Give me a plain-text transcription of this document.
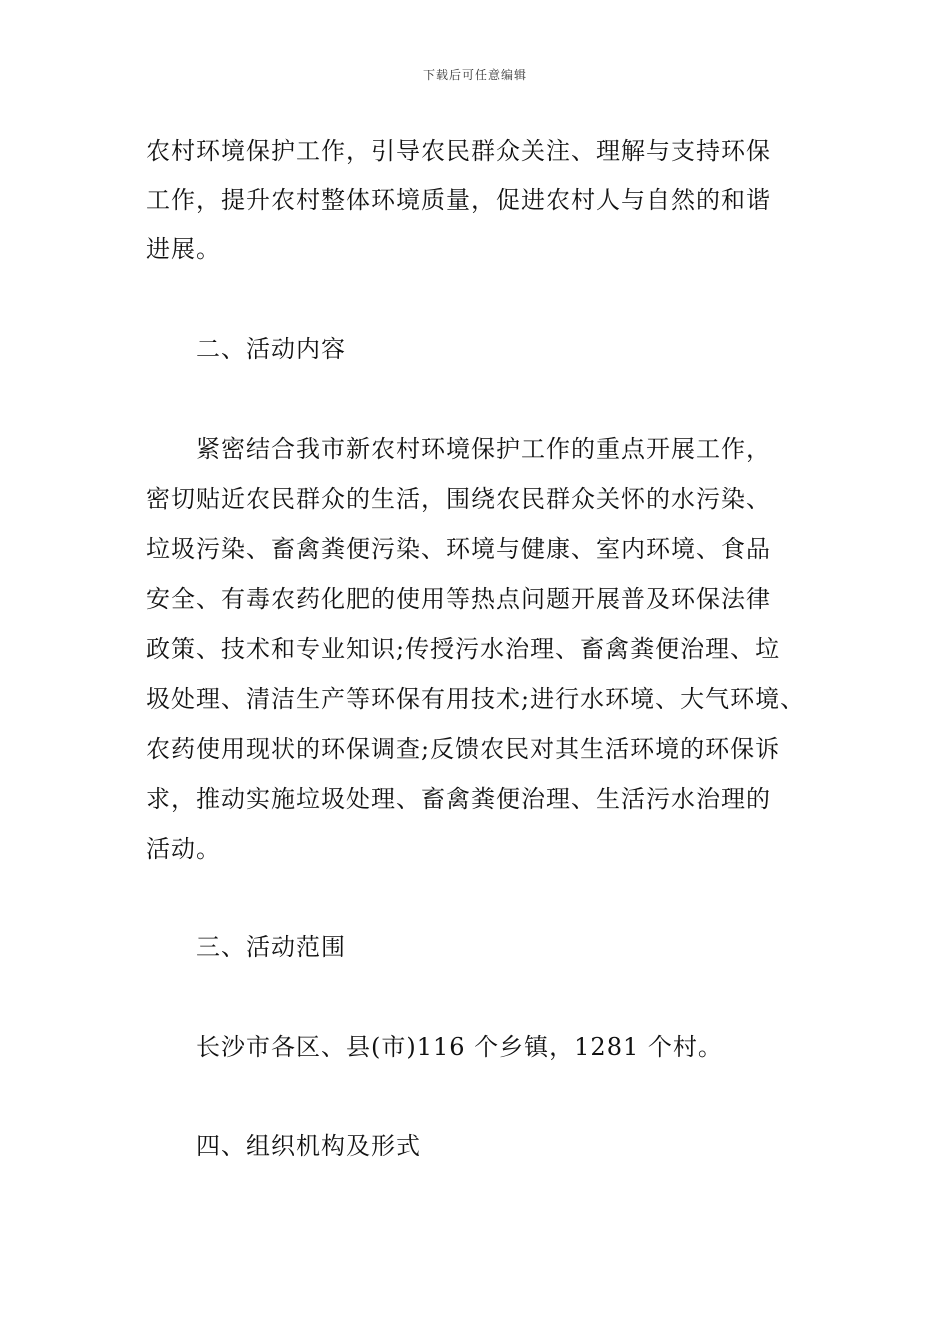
下载后可任意编辑
农村环境保护工作，引导农民群众关注、理解与支持环保
工作，提升农村整体环境质量，促进农村人与自然的和谐
进展。
二、活动内容
紧密结合我市新农村环境保护工作的重点开展工作，
密切贴近农民群众的生活，围绕农民群众关怀的水污染、
垃圾污染、畜禽粪便污染、环境与健康、室内环境、食品
安全、有毒农药化肥的使用等热点问题开展普及环保法律
政策、技术和专业知识;传授污水治理、畜禽粪便治理、垃
圾处理、清洁生产等环保有用技术;进行水环境、大气环境、
农药使用现状的环保调查;反馈农民对其生活环境的环保诉
求，推动实施垃圾处理、畜禽粪便治理、生活污水治理的
活动。
三、活动范围
长沙市各区、县(市)116 个乡镇，1281 个村。
四、组织机构及形式
